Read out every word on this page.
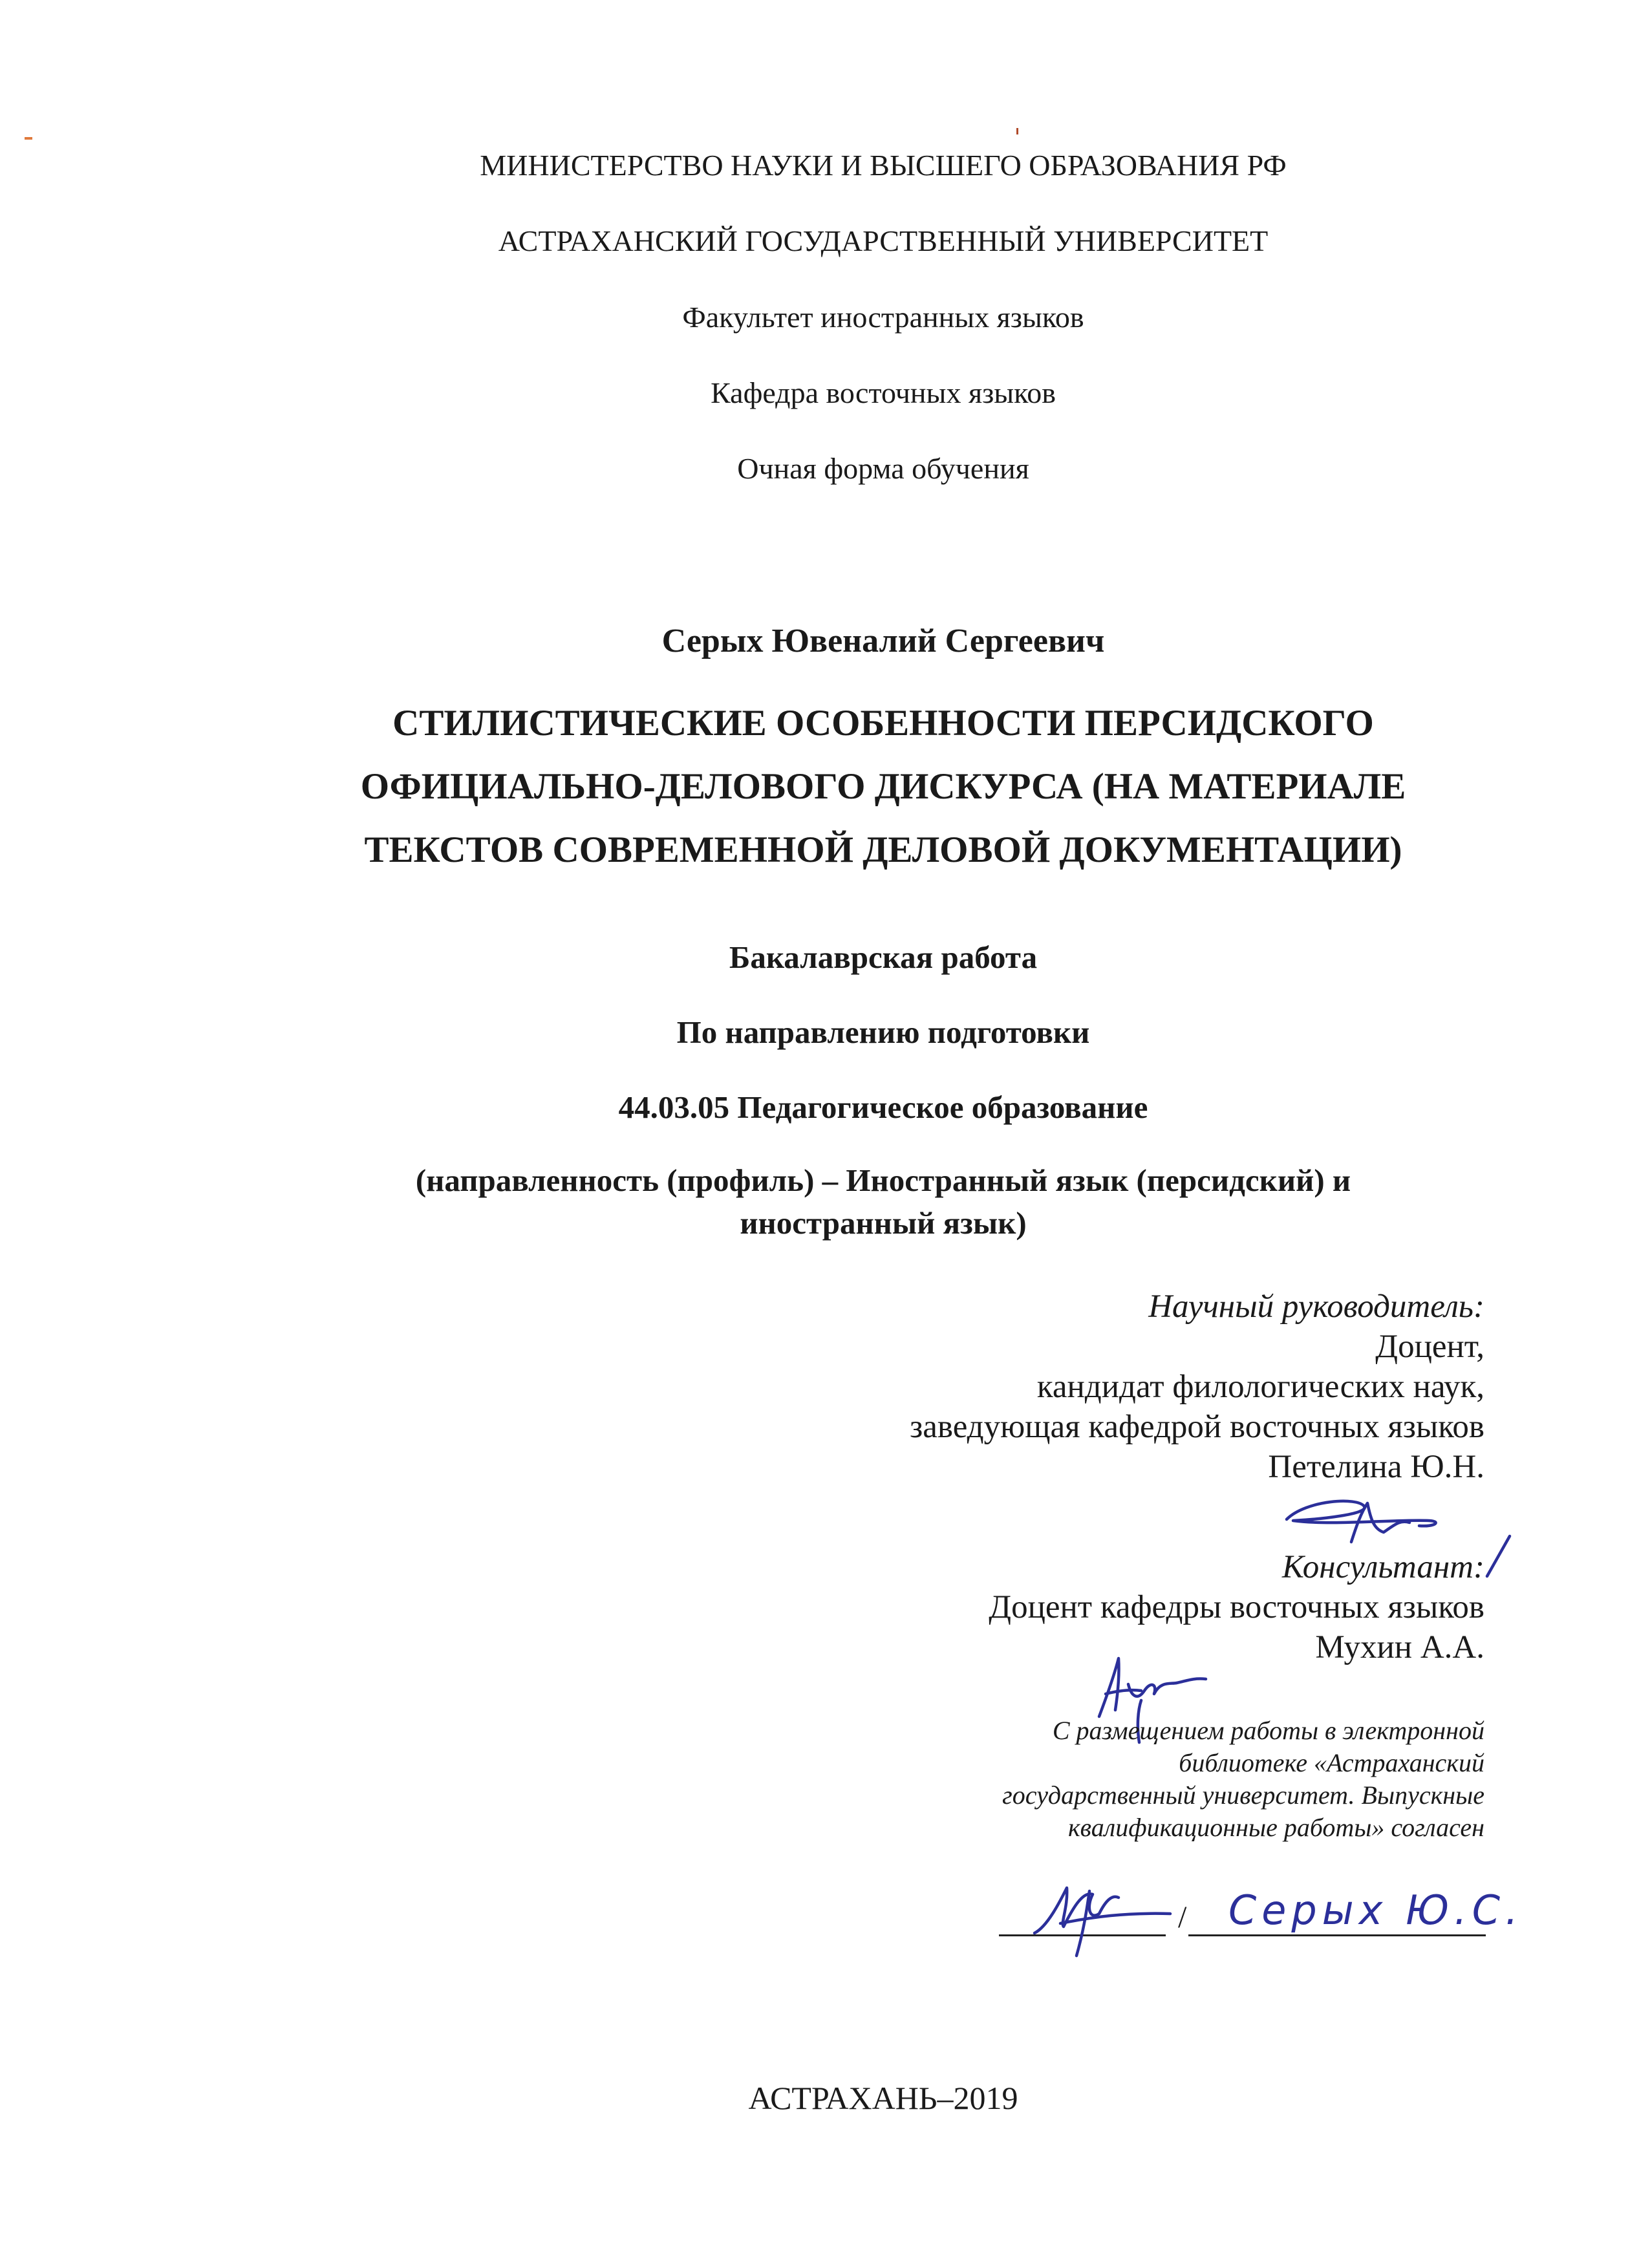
МИНИСТЕРСТВО НАУКИ И ВЫСШЕГО ОБРАЗОВАНИЯ РФ
АСТРАХАНСКИЙ ГОСУДАРСТВЕННЫЙ УНИВЕРСИТЕТ
Факультет иностранных языков
Кафедра восточных языков
Очная форма обучения
Серых Ювеналий Сергеевич
СТИЛИСТИЧЕСКИЕ ОСОБЕННОСТИ ПЕРСИДСКОГО
ОФИЦИАЛЬНО-ДЕЛОВОГО ДИСКУРСА (НА МАТЕРИАЛЕ
ТЕКСТОВ СОВРЕМЕННОЙ ДЕЛОВОЙ ДОКУМЕНТАЦИИ)
Бакалаврская работа
По направлению подготовки
44.03.05 Педагогическое образование
(направленность (профиль) – Иностранный язык (персидский) и
иностранный язык)
Научный руководитель:
Доцент,
кандидат филологических наук,
заведующая кафедрой восточных языков
Петелина Ю.Н.
Консультант:
Доцент кафедры восточных языков
Мухин А.А.
С размещением работы в электронной
библиотеке «Астраханский
государственный университет. Выпускные
квалификационные работы» согласен
/ Серых Ю.С.
АСТРАХАНЬ–2019
